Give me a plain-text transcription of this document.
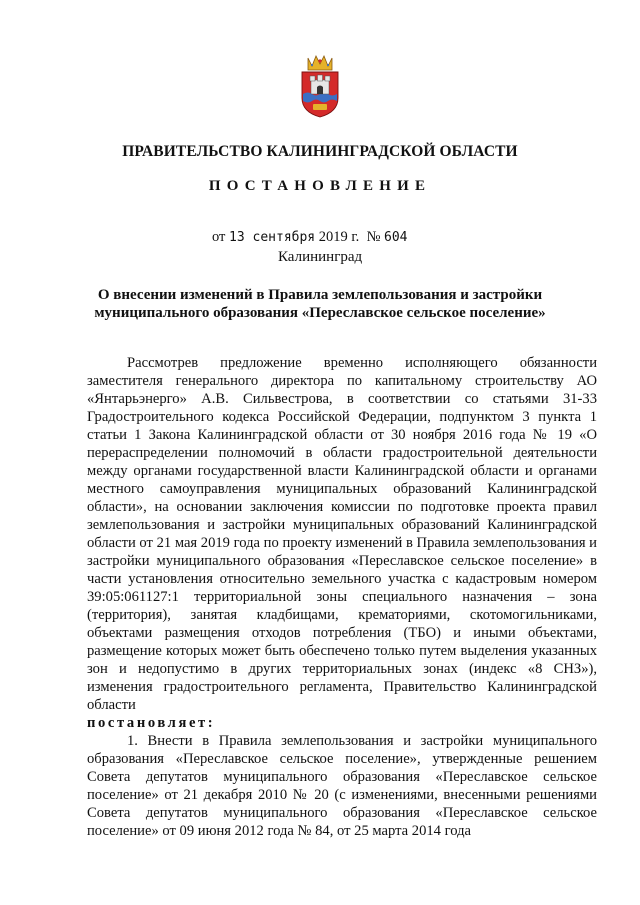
ПРАВИТЕЛЬСТВО КАЛИНИНГРАДСКОЙ ОБЛАСТИ
ПОСТАНОВЛЕНИЕ
от 13 сентября 2019 г. № 604
Калининград
О внесении изменений в Правила землепользования и застройки
муниципального образования «Переславское сельское поселение»

Рассмотрев предложение временно исполняющего обязанности заместителя генерального директора по капитальному строительству АО «Янтарьэнерго» А.В. Сильвестрова, в соответствии со статьями 31-33 Градостроительного кодекса Российской Федерации, подпунктом 3 пункта 1 статьи 1 Закона Калининградской области от 30 ноября 2016 года № 19 «О перераспределении полномочий в области градостроительной деятельности между органами государственной власти Калининградской области и органами местного самоуправления муниципальных образований Калининградской области», на основании заключения комиссии по подготовке проекта правил землепользования и застройки муниципальных образований Калининградской области от 21 мая 2019 года по проекту изменений в Правила землепользования и застройки муниципального образования «Переславское сельское поселение» в части установления относительно земельного участка с кадастровым номером 39:05:061127:1 территориальной зоны специального назначения – зона (территория), занятая кладбищами, крематориями, скотомогильниками, объектами размещения отходов потребления (ТБО) и иными объектами, размещение которых может быть обеспечено только путем выделения указанных зон и недопустимо в других территориальных зонах (индекс «8 СНЗ»), изменения градостроительного регламента, Правительство Калининградской области

постановляет:

1. Внести в Правила землепользования и застройки муниципального образования «Переславское сельское поселение», утвержденные решением Совета депутатов муниципального образования «Переславское сельское поселение» от 21 декабря 2010 № 20 (с изменениями, внесенными решениями Совета депутатов муниципального образования «Переславское сельское поселение» от 09 июня 2012 года № 84, от 25 марта 2014 года
